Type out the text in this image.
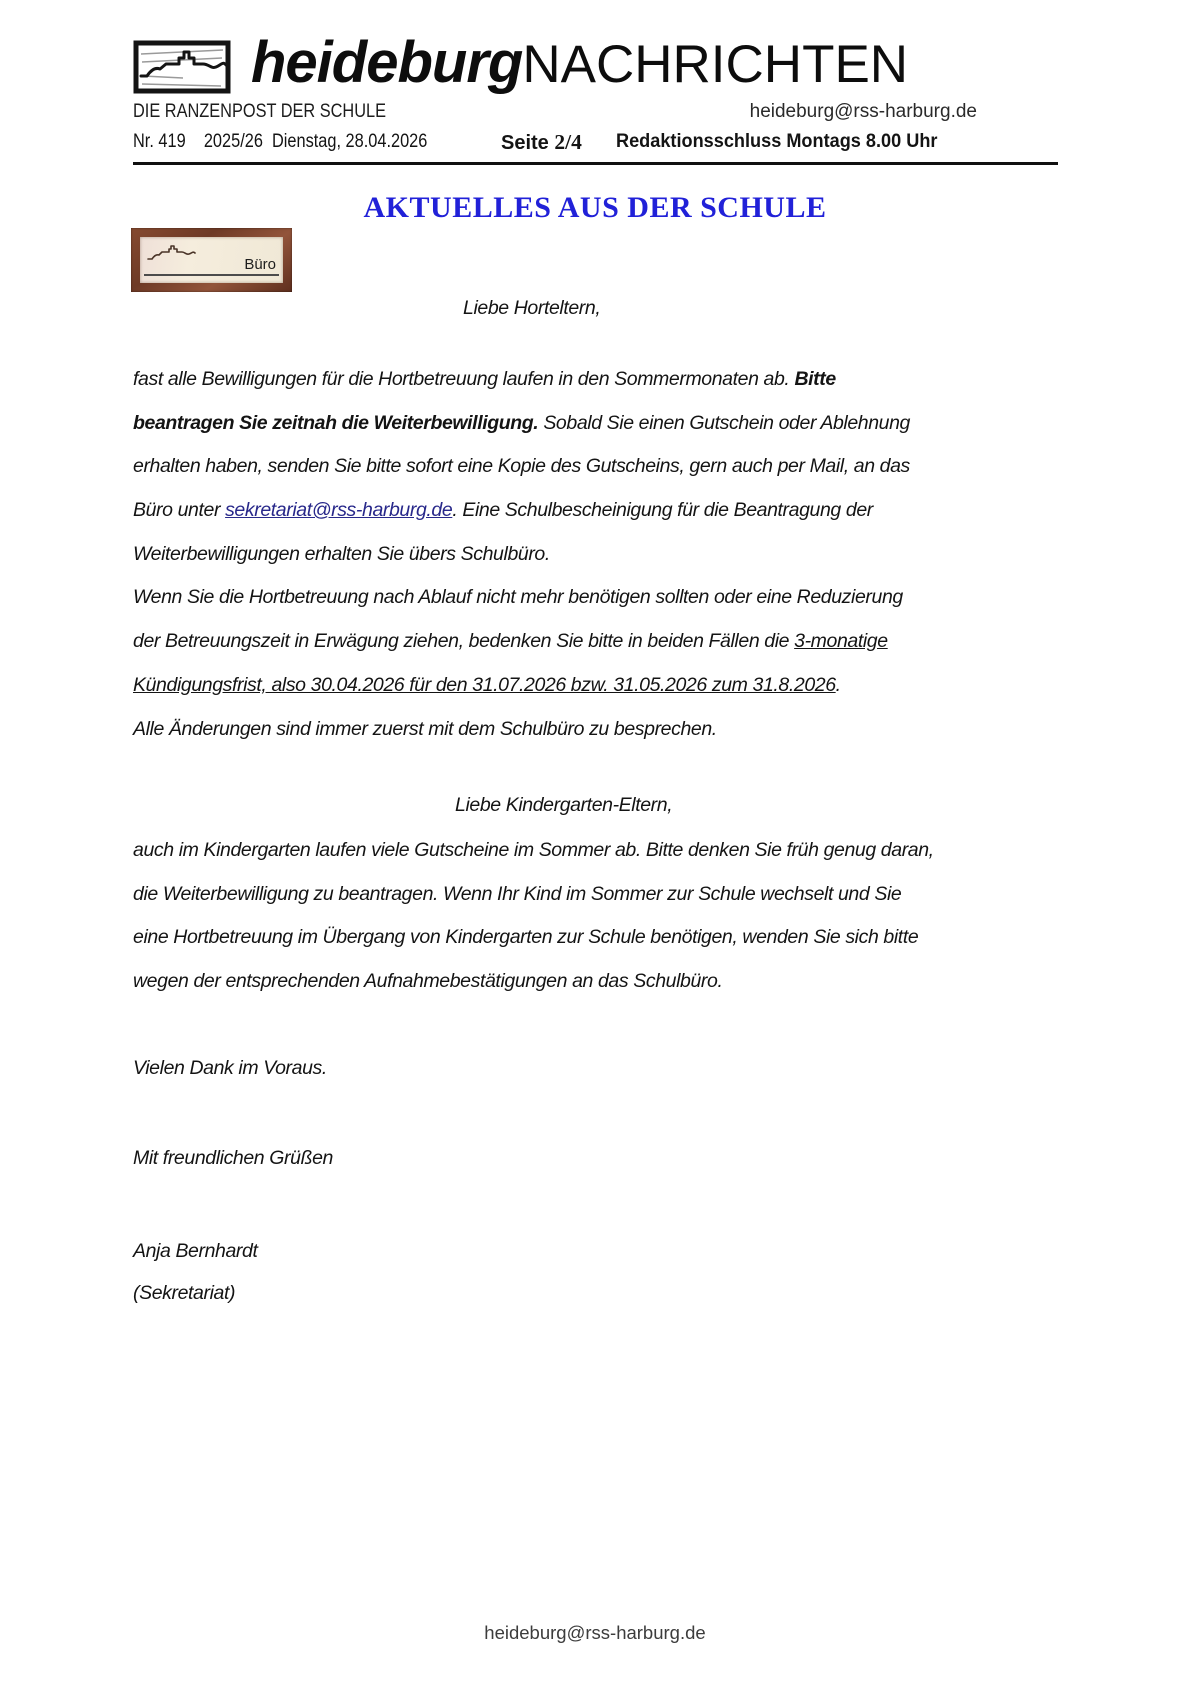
heideburg NACHRICHTEN
DIE RANZENPOST DER SCHULE	heideburg@rss-harburg.de
Nr. 419    2025/26  Dienstag, 28.04.2026	Seite 2/4 Redaktionsschluss Montags 8.00 Uhr
AKTUELLES AUS DER SCHULE
Büro
Liebe Horteltern,
fast alle Bewilligungen für die Hortbetreuung laufen in den Sommermonaten ab. Bitte
beantragen Sie zeitnah die Weiterbewilligung. Sobald Sie einen Gutschein oder Ablehnung
erhalten haben, senden Sie bitte sofort eine Kopie des Gutscheins, gern auch per Mail, an das
Büro unter sekretariat@rss-harburg.de. Eine Schulbescheinigung für die Beantragung der
Weiterbewilligungen erhalten Sie übers Schulbüro.
Wenn Sie die Hortbetreuung nach Ablauf nicht mehr benötigen sollten oder eine Reduzierung
der Betreuungszeit in Erwägung ziehen, bedenken Sie bitte in beiden Fällen die 3-monatige
Kündigungsfrist, also 30.04.2026 für den 31.07.2026 bzw. 31.05.2026 zum 31.8.2026.
Alle Änderungen sind immer zuerst mit dem Schulbüro zu besprechen.
Liebe Kindergarten-Eltern,
auch im Kindergarten laufen viele Gutscheine im Sommer ab. Bitte denken Sie früh genug daran,
die Weiterbewilligung zu beantragen. Wenn Ihr Kind im Sommer zur Schule wechselt und Sie
eine Hortbetreuung im Übergang von Kindergarten zur Schule benötigen, wenden Sie sich bitte
wegen der entsprechenden Aufnahmebestätigungen an das Schulbüro.
Vielen Dank im Voraus.
Mit freundlichen Grüßen
Anja Bernhardt
(Sekretariat)
heideburg@rss-harburg.de
